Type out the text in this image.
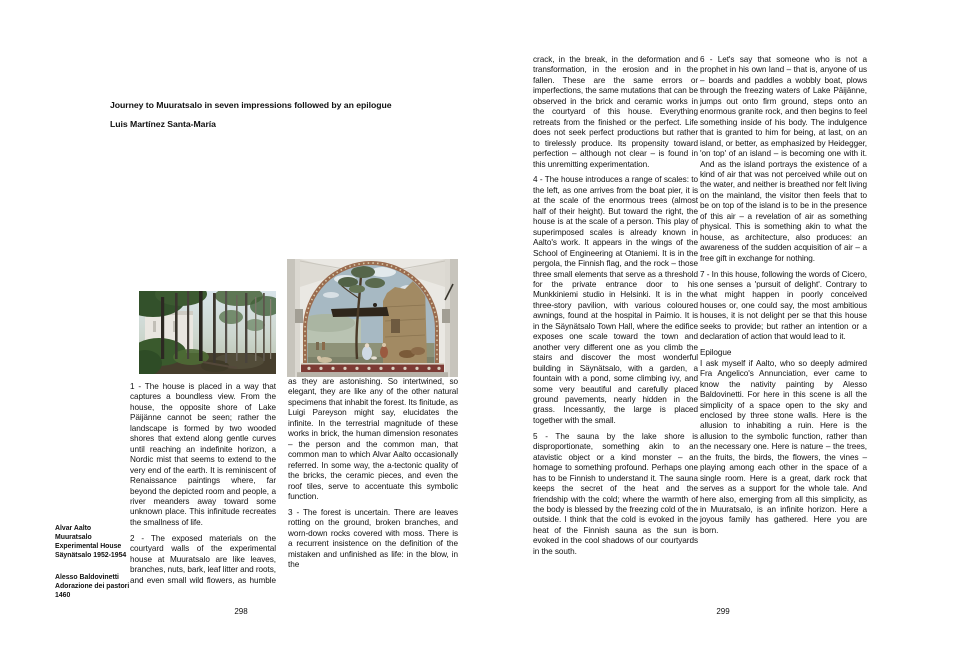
Journey to Muuratsalo in seven impressions followed by an epilogue
Luis Martínez Santa-María
Alvar Aalto
Muuratsalo
Experimental House
Säynätsalo 1952-1954
Alesso Baldovinetti
Adorazione dei pastori
1460

1 - The house is placed in a way that captures a boundless view. From the house, the opposite shore of Lake Päijänne cannot be seen; rather the landscape is formed by two wooded shores that extend along gentle curves until reaching an indefinite horizon, a Nordic mist that seems to extend to the very end of the earth. It is reminiscent of Renaissance paintings where, far beyond the depicted room and people, a river meanders away toward some unknown place. This infinitude recreates the smallness of life.

2 - The exposed materials on the courtyard walls of the experimental house at Muuratsalo are like leaves, branches, nuts, bark, leaf litter and roots, and even small wild flowers, as humble

as they are astonishing. So intertwined, so elegant, they are like any of the other natural specimens that inhabit the forest. Its finitude, as Luigi Pareyson might say, elucidates the infinite. In the terrestrial magnitude of these works in brick, the human dimension resonates – the person and the common man, that common man to which Alvar Aalto occasionally referred. In some way, the a-tectonic quality of the bricks, the ceramic pieces, and even the roof tiles, serve to accentuate this symbolic function.

3 - The forest is uncertain. There are leaves rotting on the ground, broken branches, and worn-down rocks covered with moss. There is a recurrent insistence on the definition of the mistaken and unfinished as life: in the blow, in the

298

crack, in the break, in the deformation and transformation, in the erosion and in the fallen. These are the same errors or imperfections, the same mutations that can be observed in the brick and ceramic works in the courtyard of this house. Everything retreats from the finished or the perfect. Life does not seek perfect productions but rather to tirelessly produce. Its propensity toward perfection – although not clear – is found in this unremitting experimentation.

4 - The house introduces a range of scales: to the left, as one arrives from the boat pier, it is at the scale of the enormous trees (almost half of their height). But toward the right, the house is at the scale of a person. This play of superimposed scales is already known in Aalto's work. It appears in the wings of the School of Engineering at Otaniemi. It is in the pergola, the Finnish flag, and the rock – those three small elements that serve as a threshold for the private entrance door to his Munkkiniemi studio in Helsinki. It is in the three-story pavilion, with various coloured awnings, found at the hospital in Paimio. It is in the Säynätsalo Town Hall, where the edifice exposes one scale toward the town and another very different one as you climb the stairs and discover the most wonderful building in Säynätsalo, with a garden, a fountain with a pond, some climbing ivy, and some very beautiful and carefully placed ground pavements, nearly hidden in the grass. Incessantly, the large is placed together with the small.

5 - The sauna by the lake shore is disproportionate, something akin to an atavistic object or a kind monster – an homage to something profound. Perhaps one has to be Finnish to understand it. The sauna keeps the secret of the heat and the friendship with the cold; where the warmth of the body is blessed by the freezing cold of the outside. I think that the cold is evoked in the heat of the Finnish sauna as the sun is evoked in the cool shadows of our courtyards in the south.

6 - Let's say that someone who is not a prophet in his own land – that is, anyone of us – boards and paddles a wobbly boat, plows through the freezing waters of Lake Päijänne, jumps out onto firm ground, steps onto an enormous granite rock, and then begins to feel something inside of his body. The indulgence that is granted to him for being, at last, on an island, or better, as emphasized by Heidegger, 'on top' of an island – is becoming one with it. And as the island portrays the existence of a kind of air that was not perceived while out on the water, and neither is breathed nor felt living on the mainland, the visitor then feels that to be on top of the island is to be in the presence of this air – a revelation of air as something physical. This is something akin to what the house, as architecture, also produces: an awareness of the sudden acquisition of air – a free gift in exchange for nothing.

7 - In this house, following the words of Cicero, one senses a 'pursuit of delight'. Contrary to what might happen in poorly conceived houses or, one could say, the most ambitious houses, it is not delight per se that this house seeks to provide; but rather an intention or a declaration of action that would lead to it.

Epilogue

I ask myself if Aalto, who so deeply admired Fra Angelico's Annunciation, ever came to know the nativity painting by Alesso Baldovinetti. For here in this scene is all the simplicity of a space open to the sky and enclosed by three stone walls. Here is the allusion to inhabiting a ruin. Here is the allusion to the symbolic function, rather than the necessary one. Here is nature – the trees, the fruits, the birds, the flowers, the vines – playing among each other in the space of a single room. Here is a great, dark rock that serves as a support for the whole tale. And here also, emerging from all this simplicity, as in Muuratsalo, is an infinite horizon. Here a joyous family has gathered. Here you are born.

299
